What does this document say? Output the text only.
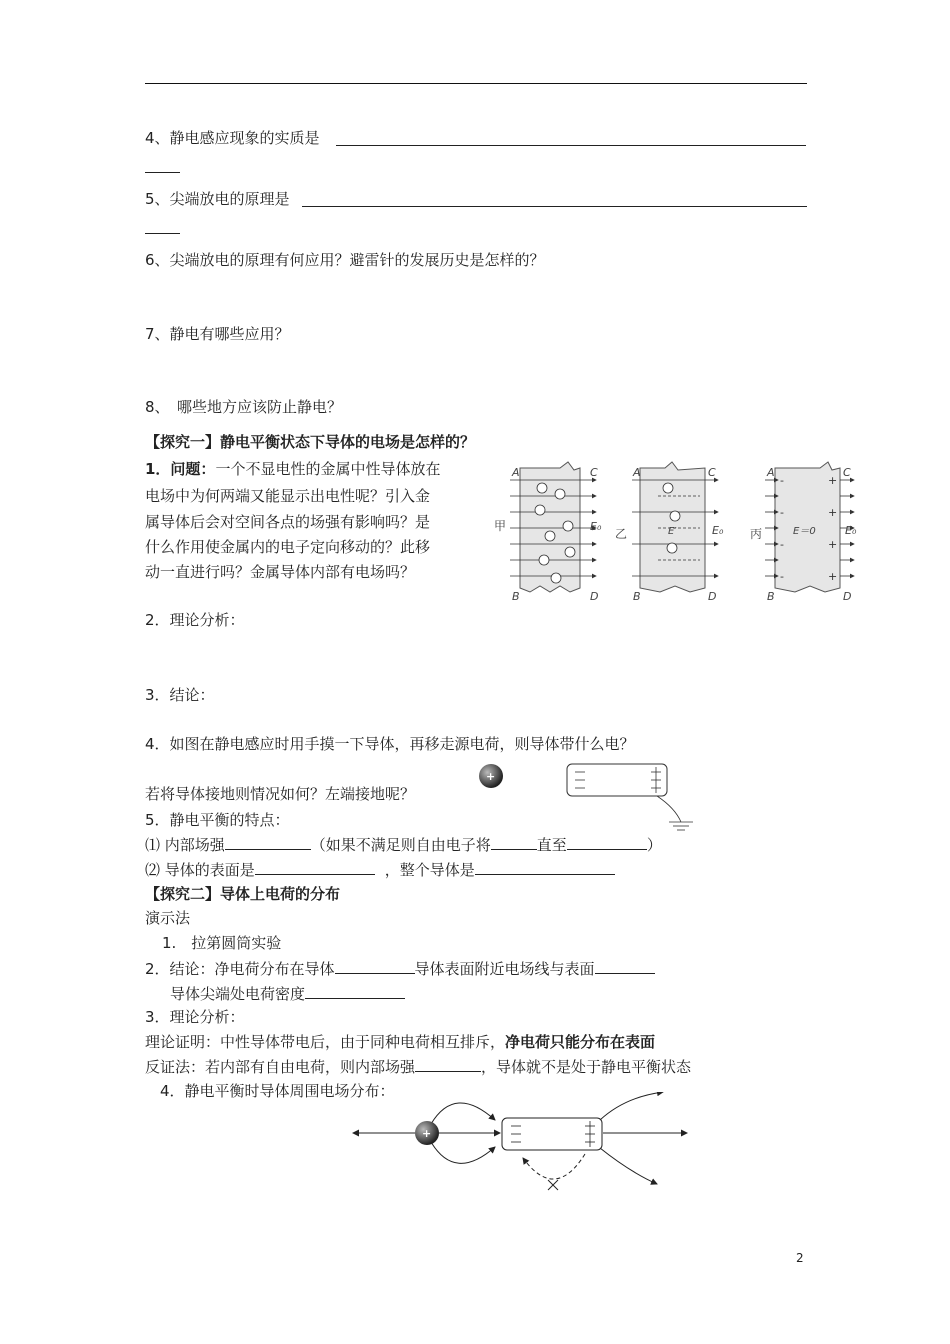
4、静电感应现象的实质是
5、尖端放电的原理是
6、尖端放电的原理有何应用？避雷针的发展历史是怎样的？
7、静电有哪些应用？
8、　哪些地方应该防止静电？
【探究一】静电平衡状态下导体的电场是怎样的？
1．问题：一个不显电性的金属中性导体放在
电场中为何两端又能显示出电性呢？引入金
属导体后会对空间各点的场强有影响吗？是
什么作用使金属内的电子定向移动的？此移
动一直进行吗？金属导体内部有电场吗？
甲
A	C
B	D
E₀
乙
A	C
B	D
E′	E₀
-
-
-
-
+
+
+
+
丙
A	C
B	D
E＝0	E₀
2．理论分析：
3．结论：
4．如图在静电感应时用手摸一下导体，再移走源电荷，则导体带什么电？
若将导体接地则情况如何？左端接地呢？
+
5．静电平衡的特点：
⑴ 内部场强	（如果不满足则自由电子将	直至	）
⑵ 导体的表面是	，整个导体是
【探究二】导体上电荷的分布
演示法
1.　拉第圆筒实验
2．结论：净电荷分布在导体	导体表面附近电场线与表面
导体尖端处电荷密度
3．理论分析：
理论证明：中性导体带电后，由于同种电荷相互排斥，净电荷只能分布在表面
反证法：若内部有自由电荷，则内部场强	，导体就不是处于静电平衡状态
4．静电平衡时导体周围电场分布：
+
2
